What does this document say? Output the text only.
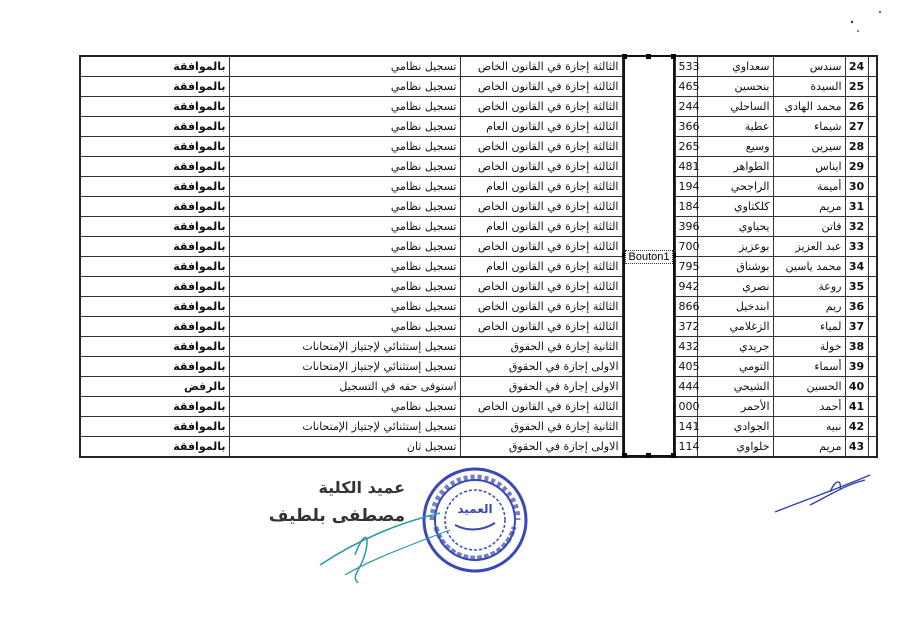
بالموافقة	تسجيل نظامي	الثالثة إجازة في القانون الخاص		533	سعداوي	سندس	24	
بالموافقة	تسجيل نظامي	الثالثة إجازة في القانون الخاص		465	بنحسين	السيدة	25	
بالموافقة	تسجيل نظامي	الثالثة إجازة في القانون الخاص		244	الساحلي	محمد الهادي	26	
بالموافقة	تسجيل نظامي	الثالثة إجازة في القانون العام		366	عطية	شيماء	27	
بالموافقة	تسجيل نظامي	الثالثة إجازة في القانون الخاص		265	وسيع	سيرين	28	
بالموافقة	تسجيل نظامي	الثالثة إجازة في القانون الخاص		481	الطواهر	ايناس	29	
بالموافقة	تسجيل نظامي	الثالثة إجازة في القانون العام		194	الراجحي	أميمة	30	
بالموافقة	تسجيل نظامي	الثالثة إجازة في القانون الخاص		184	كلكتاوي	مريم	31	
بالموافقة	تسجيل نظامي	الثالثة إجازة في القانون العام		396	يحياوي	فاتن	32	
بالموافقة	تسجيل نظامي	الثالثة إجازة في القانون الخاص		700	بوعزيز	عبد العزيز	33	
بالموافقة	تسجيل نظامي	الثالثة إجازة في القانون العام		795	بوشناق	محمد ياسين	34	
بالموافقة	تسجيل نظامي	الثالثة إجازة في القانون الخاص		942	نصري	روعة	35	
بالموافقة	تسجيل نظامي	الثالثة إجازة في القانون الخاص		866	ابندخيل	ريم	36	
بالموافقة	تسجيل نظامي	الثالثة إجازة في القانون الخاص		372	الزغلامي	لمياء	37	
بالموافقة	تسجيل إستثنائي لإجتياز الإمتحانات	الثانية إجازة في الحقوق		432	جريدي	خولة	38	
بالموافقة	تسجيل إستثنائي لإجتياز الإمتحانات	الاولى إجازة في الحقوق		405	التومي	أسماء	39	
بالرفض	استوفى حقه في التسجيل	الاولى إجازة في الحقوق		444	الشيحي	الحسين	40	
بالموافقة	تسجيل نظامي	الثالثة إجازة في القانون الخاص		000	الأحمر	أحمد	41	
بالموافقة	تسجيل إستثنائي لإجتياز الإمتحانات	الثانية إجازة في الحقوق		141	الجوادي	نبيه	42	
بالموافقة	تسجيل ثان	الاولى إجازة في الحقوق		114	خلواوي	مريم	43	
Bouton1
العميد
عميد الكلية
مصطفى بلطيف
